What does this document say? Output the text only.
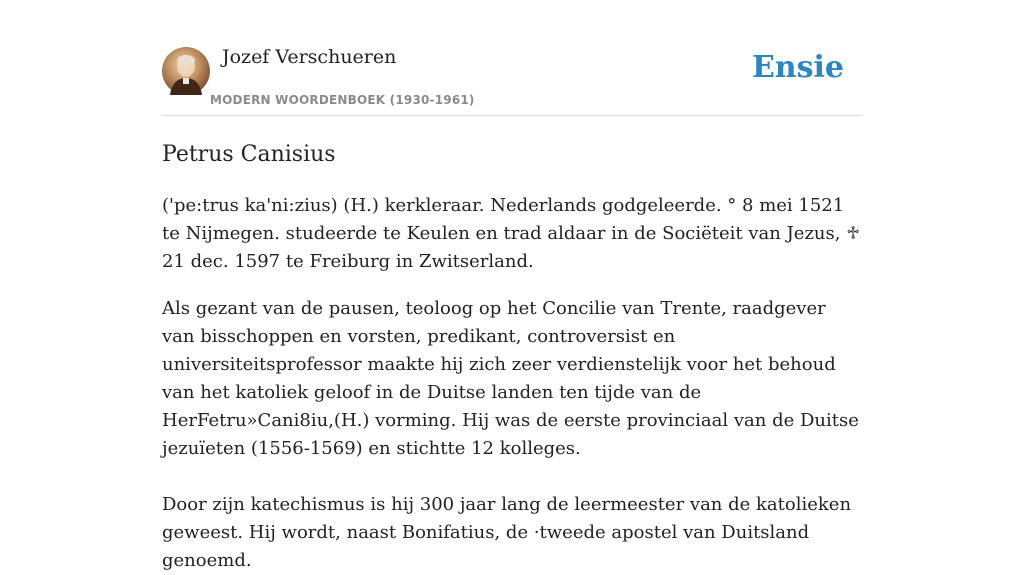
Jozef Verschueren
MODERN WOORDENBOEK (1930-1961)
Ensie
Petrus Canisius

('pe:trus ka'ni:zius) (H.) kerkleraar. Nederlands godgeleerde. ° 8 mei 1521 te Nijmegen. studeerde te Keulen en trad aldaar in de Sociëteit van Jezus, ♱ 21 dec. 1597 te Freiburg in Zwitserland.

Als gezant van de pausen, teoloog op het Concilie van Trente, raadgever van bisschoppen en vorsten, predikant, controversist en universiteitsprofessor maakte hij zich zeer verdienstelijk voor het behoud van het katoliek geloof in de Duitse landen ten tijde van de HerFetru»Cani8iu,(H.) vorming. Hij was de eerste provinciaal van de Duitse jezuïeten (1556-1569) en stichtte 12 kolleges.

Door zijn katechismus is hij 300 jaar lang de leermeester van de katolieken geweest. Hij wordt, naast Bonifatius, de ·tweede apostel van Duitsland genoemd.
